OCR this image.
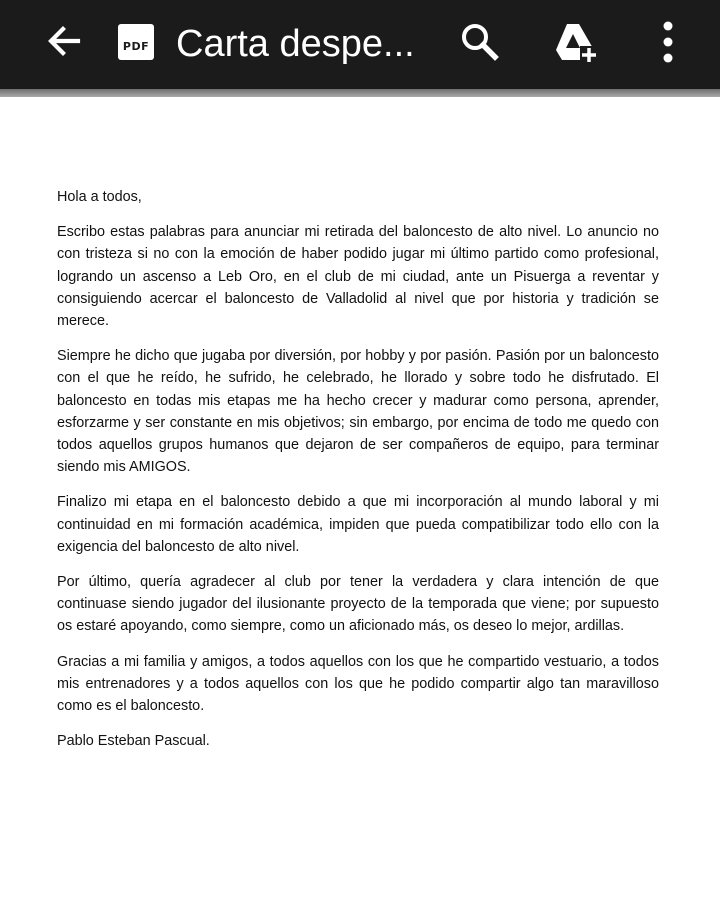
PDF Carta despe...

Hola a todos,

Escribo estas palabras para anunciar mi retirada del baloncesto de alto nivel. Lo anuncio no con tristeza si no con la emoción de haber podido jugar mi último partido como profesional, logrando un ascenso a Leb Oro, en el club de mi ciudad, ante un Pisuerga a reventar y consiguiendo acercar el baloncesto de Valladolid al nivel que por historia y tradición se merece.

Siempre he dicho que jugaba por diversión, por hobby y por pasión. Pasión por un baloncesto con el que he reído, he sufrido, he celebrado, he llorado y sobre todo he disfrutado. El baloncesto en todas mis etapas me ha hecho crecer y madurar como persona, aprender, esforzarme y ser constante en mis objetivos; sin embargo, por encima de todo me quedo con todos aquellos grupos humanos que dejaron de ser compañeros de equipo, para terminar siendo mis AMIGOS.

Finalizo mi etapa en el baloncesto debido a que mi incorporación al mundo laboral y mi continuidad en mi formación académica, impiden que pueda compatibilizar todo ello con la exigencia del baloncesto de alto nivel.

Por último, quería agradecer al club por tener la verdadera y clara intención de que continuase siendo jugador del ilusionante proyecto de la temporada que viene; por supuesto os estaré apoyando, como siempre, como un aficionado más, os deseo lo mejor, ardillas.

Gracias a mi familia y amigos, a todos aquellos con los que he compartido vestuario, a todos mis entrenadores y a todos aquellos con los que he podido compartir algo tan maravilloso como es el baloncesto.

Pablo Esteban Pascual.
